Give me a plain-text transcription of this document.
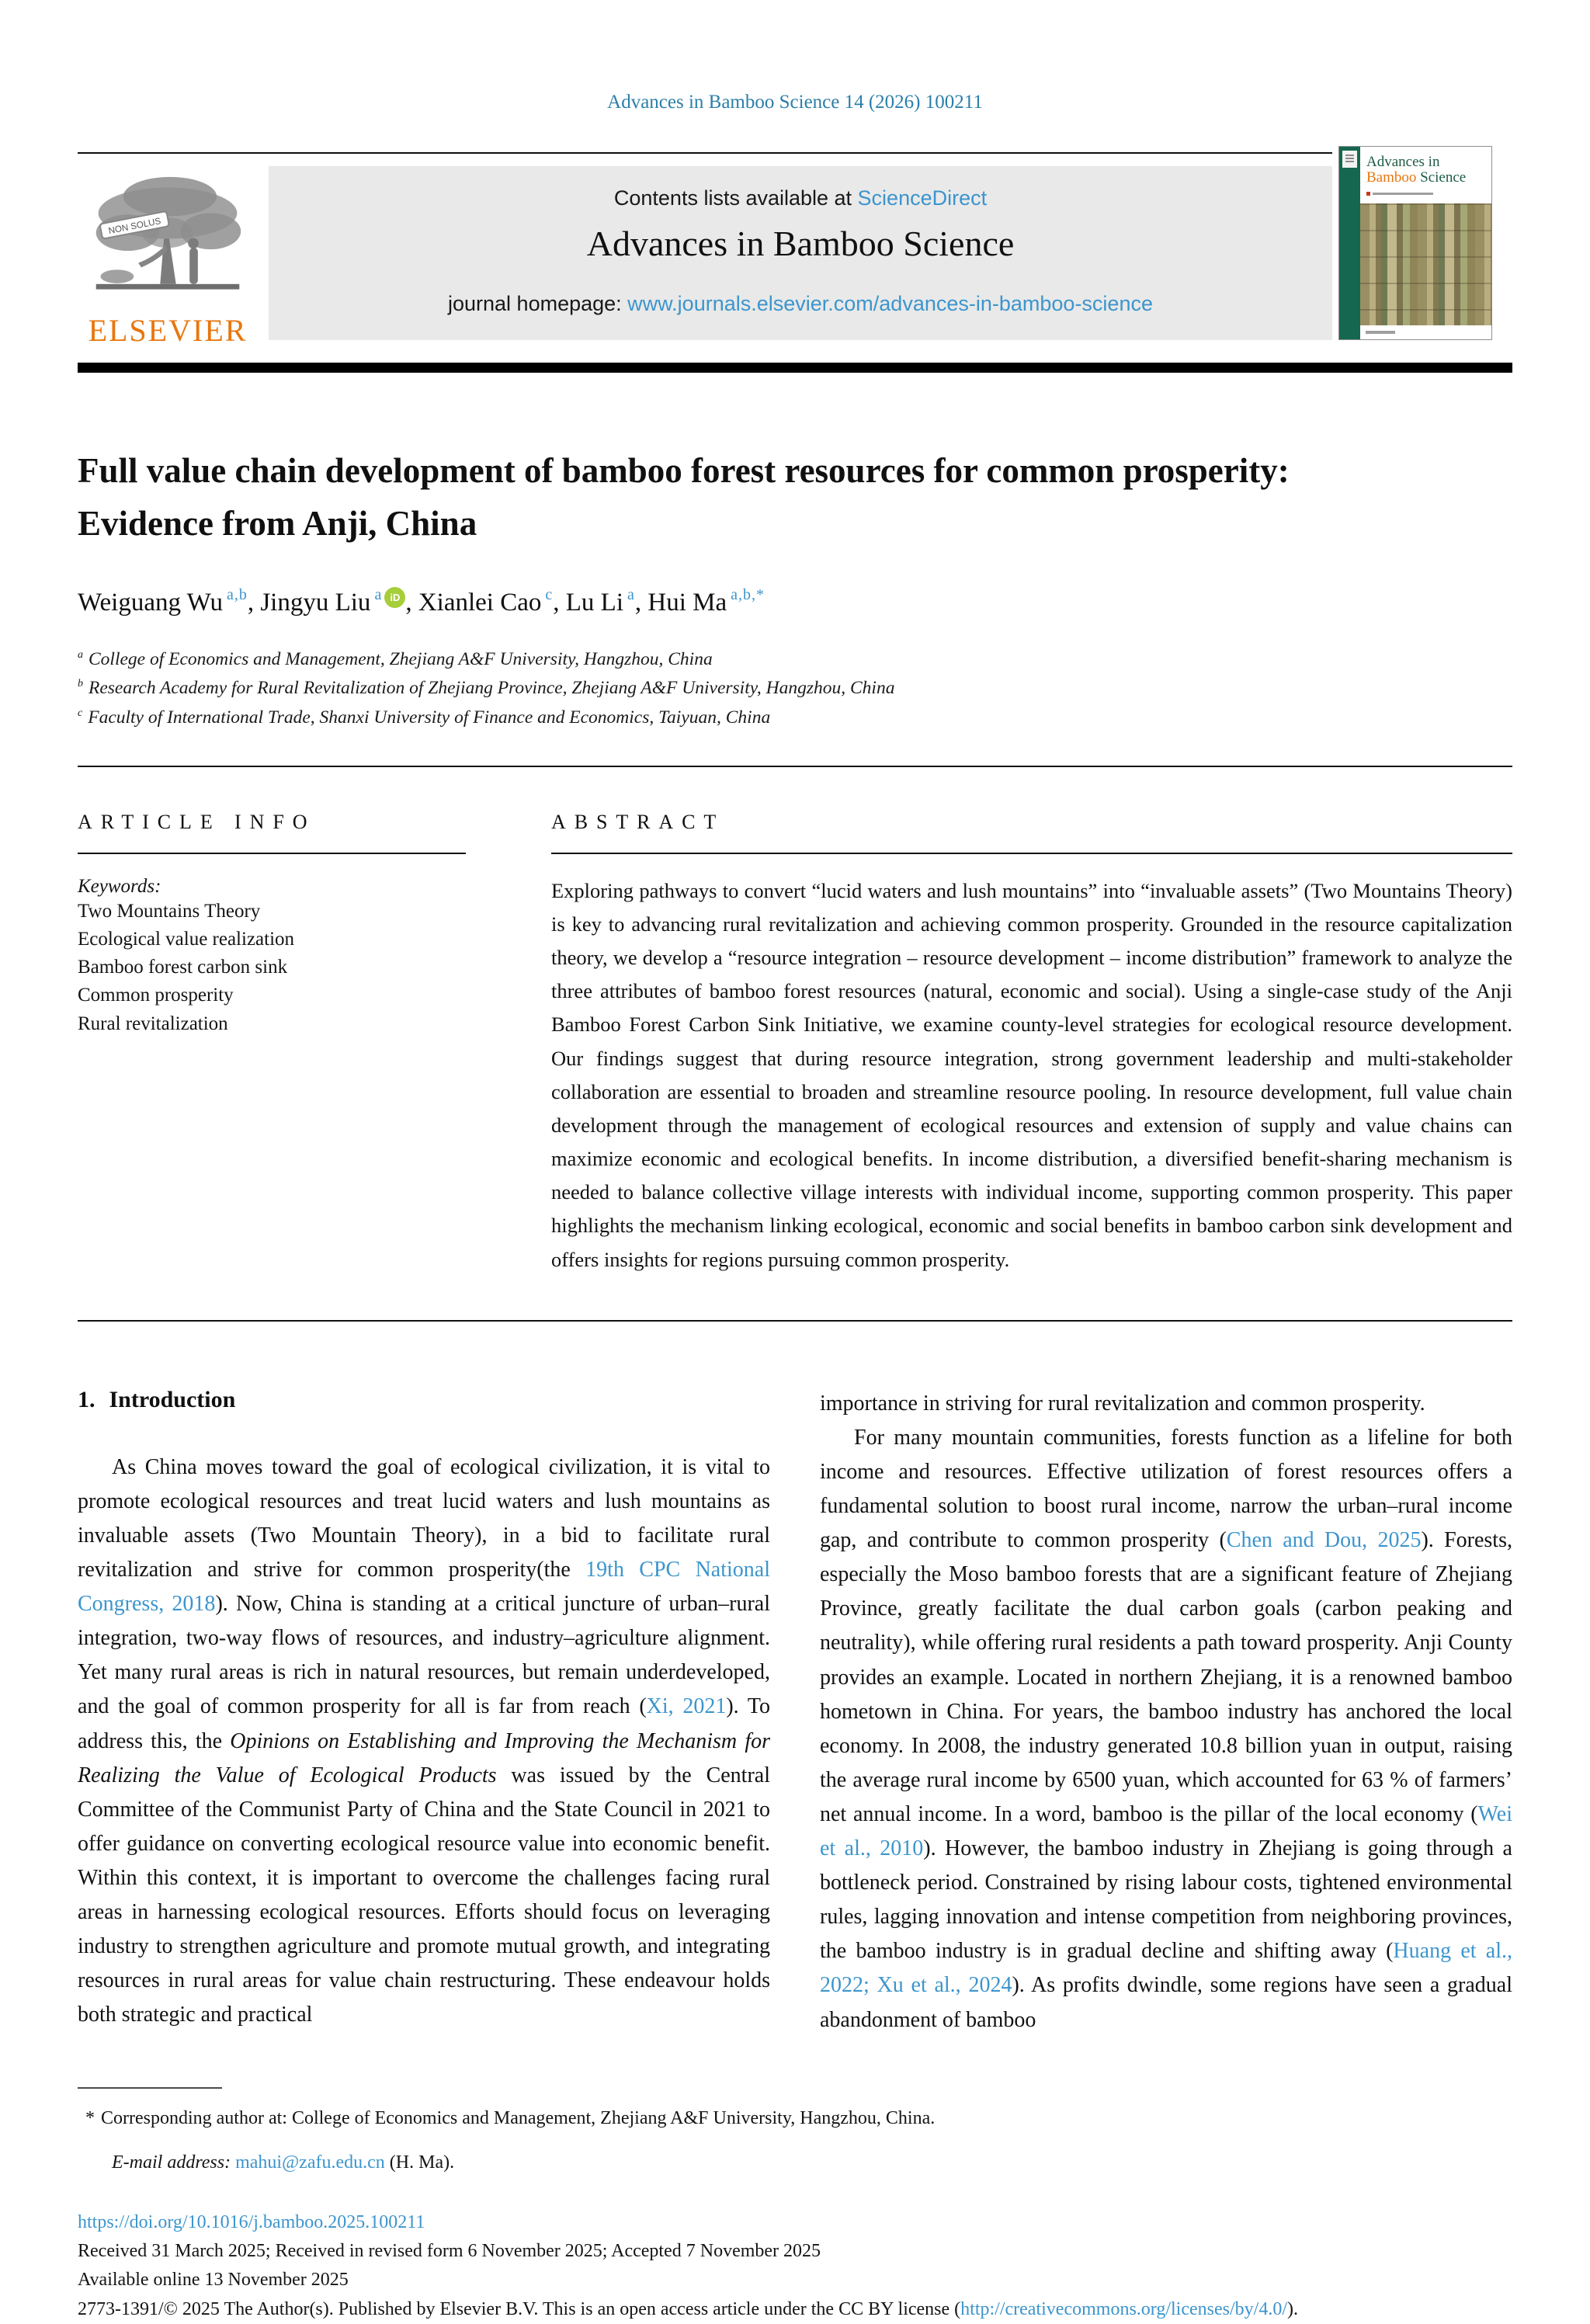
Advances in Bamboo Science 14 (2026) 100211
NON SOLUS
ELSEVIER
Contents lists available at ScienceDirect
Advances in Bamboo Science
journal homepage: www.journals.elsevier.com/advances-in-bamboo-science
Advances in
Bamboo Science
Full value chain development of bamboo forest resources for common prosperity: Evidence from Anji, China
Weiguang Wu $^{a,b}$, Jingyu Liu $^a$ iD , Xianlei Cao $^c$, Lu Li $^a$, Hui Ma $^{a,b,*}$
$^a$ College of Economics and Management, Zhejiang A&F University, Hangzhou, China
$^b$ Research Academy for Rural Revitalization of Zhejiang Province, Zhejiang A&F University, Hangzhou, China
$^c$ Faculty of International Trade, Shanxi University of Finance and Economics, Taiyuan, China
ARTICLE INFO
Keywords:
Two Mountains Theory
Ecological value realization
Bamboo forest carbon sink
Common prosperity
Rural revitalization
ABSTRACT

Exploring pathways to convert “lucid waters and lush mountains” into “invaluable assets” (Two Mountains Theory) is key to advancing rural revitalization and achieving common prosperity. Grounded in the resource capitalization theory, we develop a “resource integration – resource development – income distribution” framework to analyze the three attributes of bamboo forest resources (natural, economic and social). Using a single-case study of the Anji Bamboo Forest Carbon Sink Initiative, we examine county-level strategies for ecological resource development. Our findings suggest that during resource integration, strong government leadership and multi-stakeholder collaboration are essential to broaden and streamline resource pooling. In resource development, full value chain development through the management of ecological resources and extension of supply and value chains can maximize economic and ecological benefits. In income distribution, a diversified benefit-sharing mechanism is needed to balance collective village interests with individual income, supporting common prosperity. This paper highlights the mechanism linking ecological, economic and social benefits in bamboo carbon sink development and offers insights for regions pursuing common prosperity.

1. Introduction

As China moves toward the goal of ecological civilization, it is vital to promote ecological resources and treat lucid waters and lush mountains as invaluable assets (Two Mountain Theory), in a bid to facilitate rural revitalization and strive for common prosperity(the 19th CPC National Congress, 2018). Now, China is standing at a critical juncture of urban–rural integration, two-way flows of resources, and industry–agriculture alignment. Yet many rural areas is rich in natural resources, but remain underdeveloped, and the goal of common prosperity for all is far from reach (Xi, 2021). To address this, the Opinions on Establishing and Improving the Mechanism for Realizing the Value of Ecological Products was issued by the Central Committee of the Communist Party of China and the State Council in 2021 to offer guidance on converting ecological resource value into economic benefit. Within this context, it is important to overcome the challenges facing rural areas in harnessing ecological resources. Efforts should focus on leveraging industry to strengthen agriculture and promote mutual growth, and integrating resources in rural areas for value chain restructuring. These endeavour holds both strategic and practical

importance in striving for rural revitalization and common prosperity.

For many mountain communities, forests function as a lifeline for both income and resources. Effective utilization of forest resources offers a fundamental solution to boost rural income, narrow the urban–rural income gap, and contribute to common prosperity (Chen and Dou, 2025). Forests, especially the Moso bamboo forests that are a significant feature of Zhejiang Province, greatly facilitate the dual carbon goals (carbon peaking and neutrality), while offering rural residents a path toward prosperity. Anji County provides an example. Located in northern Zhejiang, it is a renowned bamboo hometown in China. For years, the bamboo industry has anchored the local economy. In 2008, the industry generated 10.8 billion yuan in output, raising the average rural income by 6500 yuan, which accounted for 63 % of farmers’ net annual income. In a word, bamboo is the pillar of the local economy (Wei et al., 2010). However, the bamboo industry in Zhejiang is going through a bottleneck period. Constrained by rising labour costs, tightened environmental rules, lagging innovation and intense competition from neighboring provinces, the bamboo industry is in gradual decline and shifting away (Huang et al., 2022; Xu et al., 2024). As profits dwindle, some regions have seen a gradual abandonment of bamboo

* Corresponding author at: College of Economics and Management, Zhejiang A&F University, Hangzhou, China.
E-mail address: mahui@zafu.edu.cn (H. Ma).
https://doi.org/10.1016/j.bamboo.2025.100211
Received 31 March 2025; Received in revised form 6 November 2025; Accepted 7 November 2025
Available online 13 November 2025
2773-1391/© 2025 The Author(s). Published by Elsevier B.V. This is an open access article under the CC BY license (http://creativecommons.org/licenses/by/4.0/).
